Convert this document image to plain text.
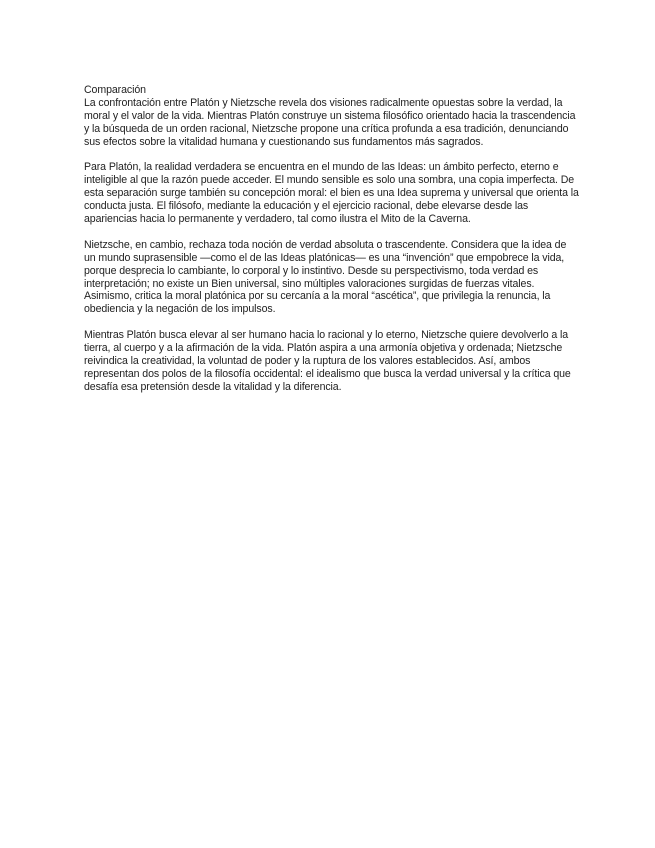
Comparación
La confrontación entre Platón y Nietzsche revela dos visiones radicalmente opuestas sobre la verdad, la moral y el valor de la vida. Mientras Platón construye un sistema filosófico orientado hacia la trascendencia y la búsqueda de un orden racional, Nietzsche propone una crítica profunda a esa tradición, denunciando sus efectos sobre la vitalidad humana y cuestionando sus fundamentos más sagrados.

Para Platón, la realidad verdadera se encuentra en el mundo de las Ideas: un ámbito perfecto, eterno e inteligible al que la razón puede acceder. El mundo sensible es solo una sombra, una copia imperfecta. De esta separación surge también su concepción moral: el bien es una Idea suprema y universal que orienta la conducta justa. El filósofo, mediante la educación y el ejercicio racional, debe elevarse desde las apariencias hacia lo permanente y verdadero, tal como ilustra el Mito de la Caverna.

Nietzsche, en cambio, rechaza toda noción de verdad absoluta o trascendente. Considera que la idea de un mundo suprasensible —como el de las Ideas platónicas— es una “invención” que empobrece la vida, porque desprecia lo cambiante, lo corporal y lo instintivo. Desde su perspectivismo, toda verdad es interpretación; no existe un Bien universal, sino múltiples valoraciones surgidas de fuerzas vitales. Asimismo, critica la moral platónica por su cercanía a la moral “ascética”, que privilegia la renuncia, la obediencia y la negación de los impulsos.

Mientras Platón busca elevar al ser humano hacia lo racional y lo eterno, Nietzsche quiere devolverlo a la tierra, al cuerpo y a la afirmación de la vida. Platón aspira a una armonía objetiva y ordenada; Nietzsche reivindica la creatividad, la voluntad de poder y la ruptura de los valores establecidos. Así, ambos representan dos polos de la filosofía occidental: el idealismo que busca la verdad universal y la crítica que desafía esa pretensión desde la vitalidad y la diferencia.
